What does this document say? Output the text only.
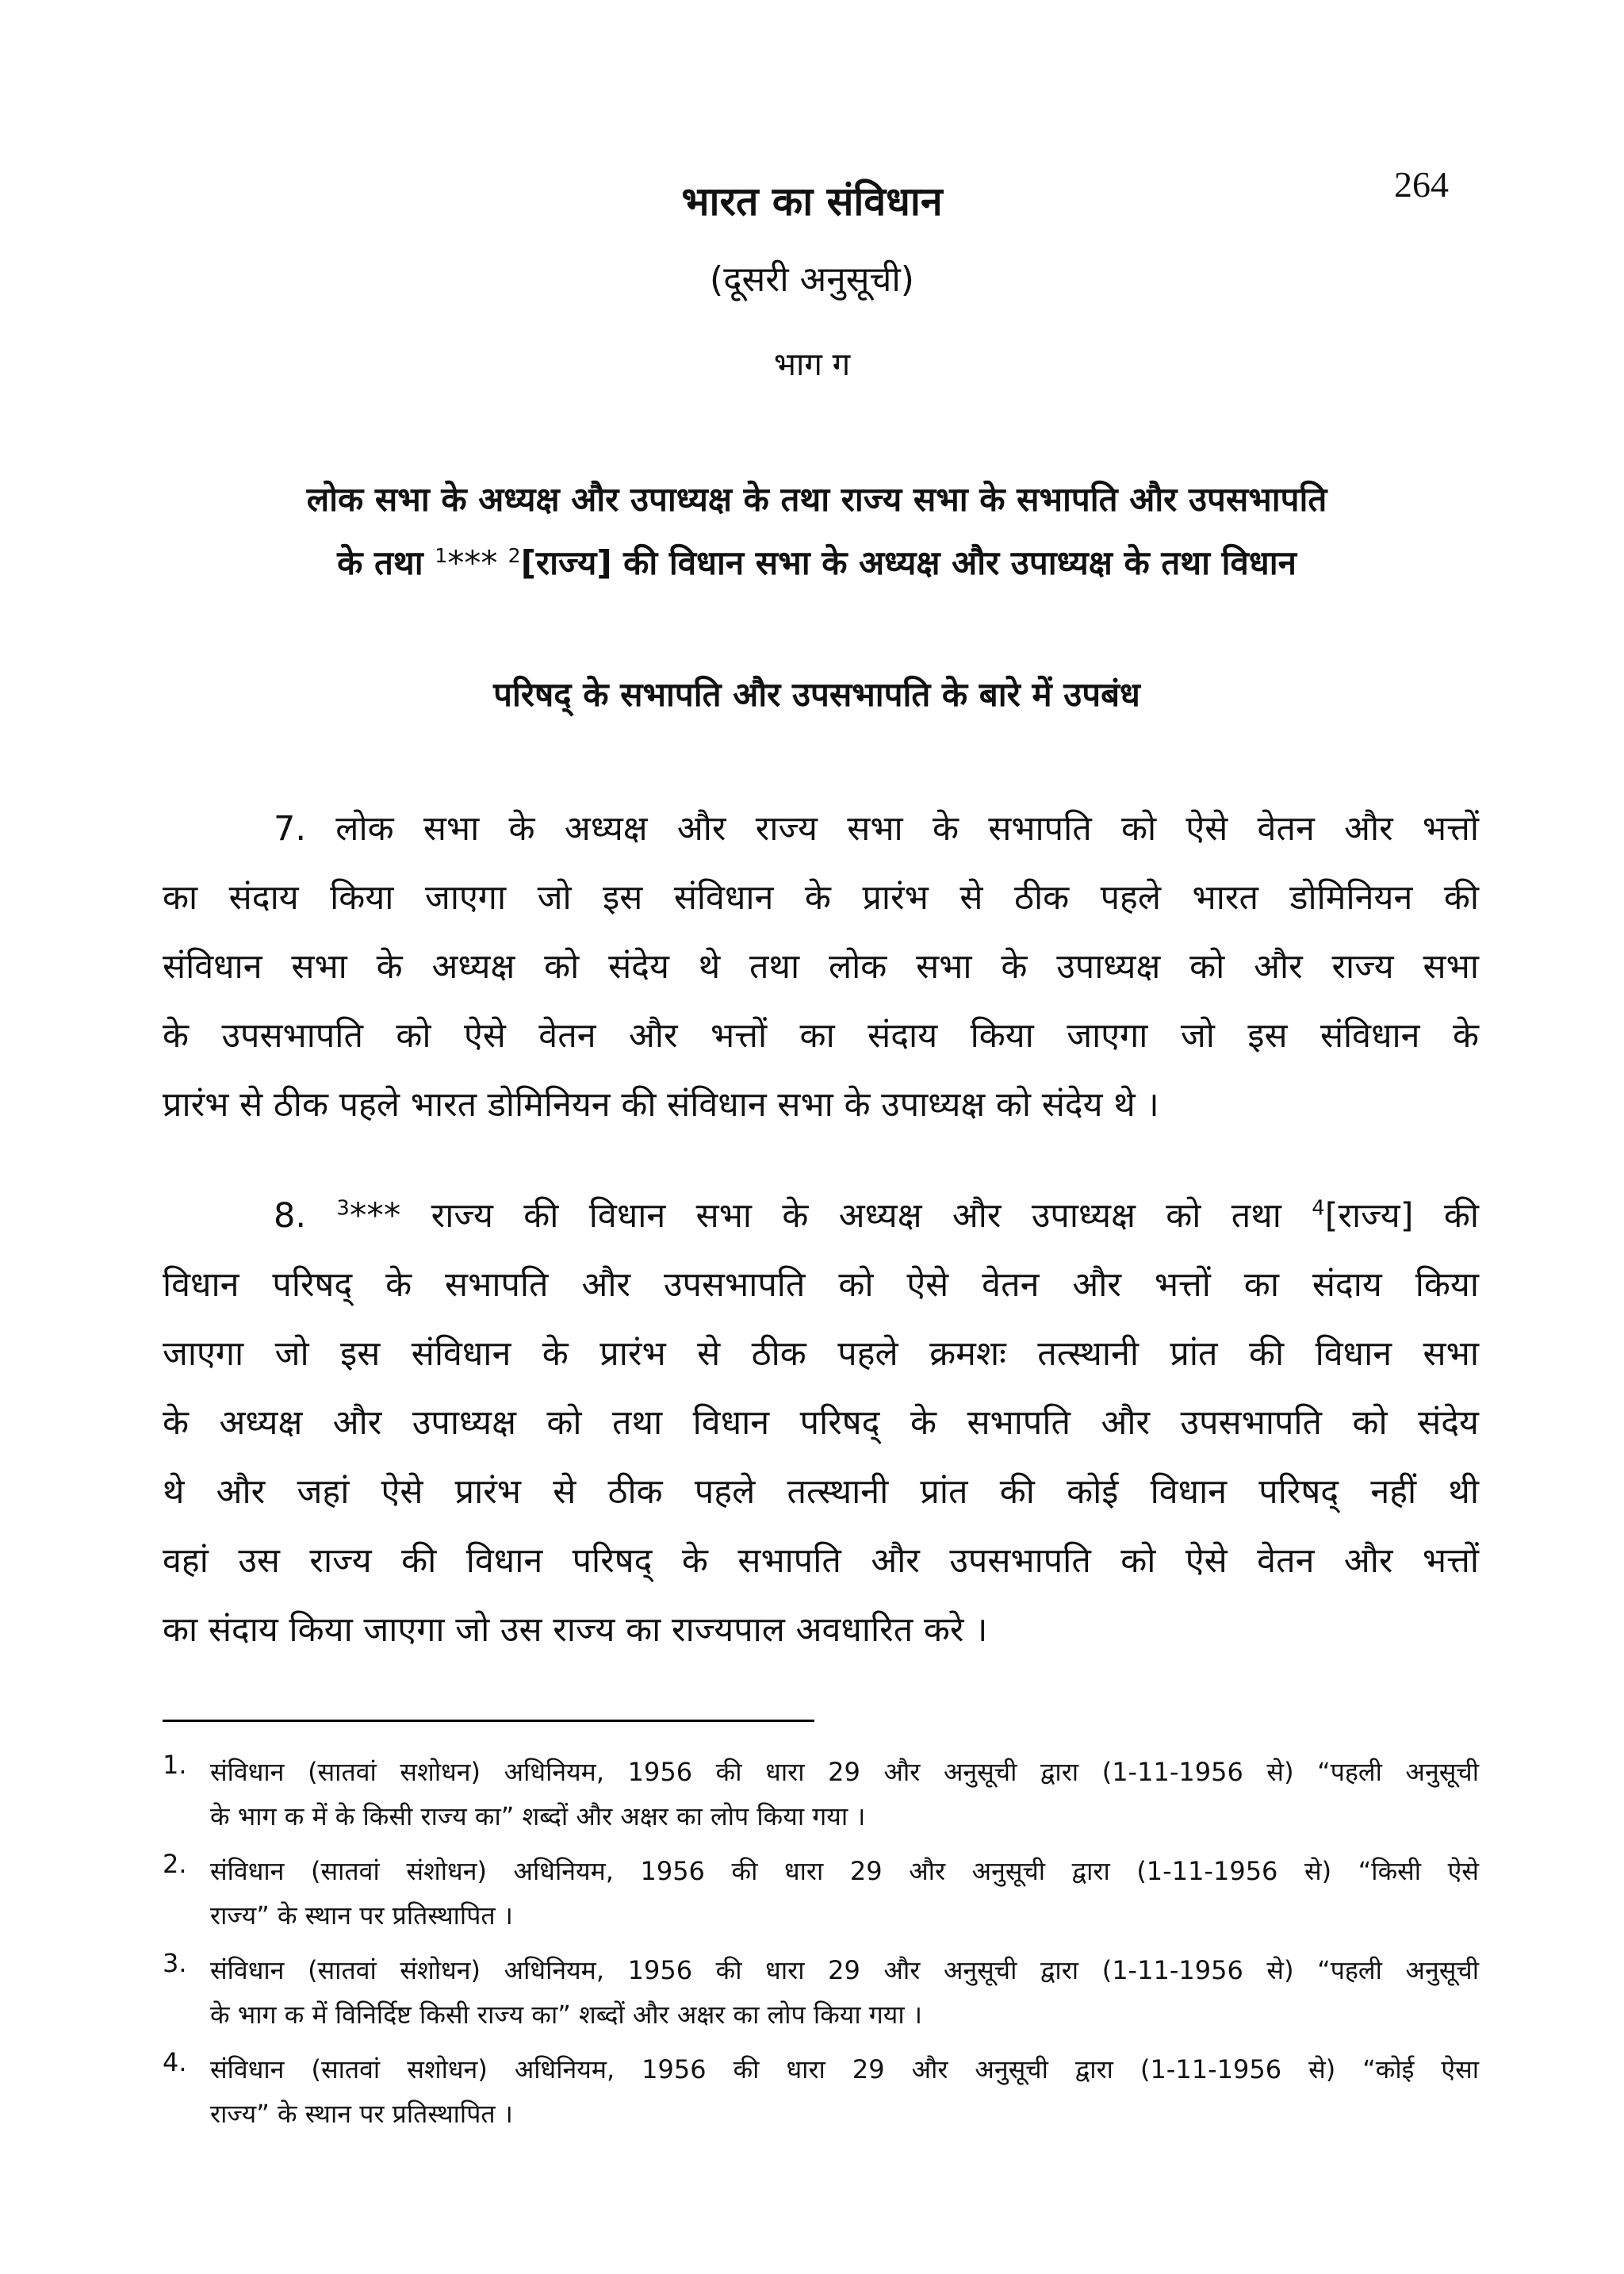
264
भारत का संविधान
(दूसरी अनुसूची)
भाग ग
लोक सभा के अध्यक्ष और उपाध्यक्ष के तथा राज्य सभा के सभापति और उपसभापति
के तथा $^1$*** $^2$[राज्य] की विधान सभा के अध्यक्ष और उपाध्यक्ष के तथा विधान
परिषद् के सभापति और उपसभापति के बारे में उपबंध
7. लोक सभा के अध्यक्ष और राज्य सभा के सभापति को ऐसे वेतन और भत्तों
का संदाय किया जाएगा जो इस संविधान के प्रारंभ से ठीक पहले भारत डोमिनियन की
संविधान सभा के अध्यक्ष को संदेय थे तथा लोक सभा के उपाध्यक्ष को और राज्य सभा
के उपसभापति को ऐसे वेतन और भत्तों का संदाय किया जाएगा जो इस संविधान के
प्रारंभ से ठीक पहले भारत डोमिनियन की संविधान सभा के उपाध्यक्ष को संदेय थे ।
8. $^3$*** राज्य की विधान सभा के अध्यक्ष और उपाध्यक्ष को तथा $^4$[राज्य] की
विधान परिषद् के सभापति और उपसभापति को ऐसे वेतन और भत्तों का संदाय किया
जाएगा जो इस संविधान के प्रारंभ से ठीक पहले क्रमशः तत्स्थानी प्रांत की विधान सभा
के अध्यक्ष और उपाध्यक्ष को तथा विधान परिषद् के सभापति और उपसभापति को संदेय
थे और जहां ऐसे प्रारंभ से ठीक पहले तत्स्थानी प्रांत की कोई विधान परिषद् नहीं थी
वहां उस राज्य की विधान परिषद् के सभापति और उपसभापति को ऐसे वेतन और भत्तों
का संदाय किया जाएगा जो उस राज्य का राज्यपाल अवधारित करे ।
1. संविधान (सातवां सशोधन) अधिनियम, 1956 की धारा 29 और अनुसूची द्वारा (1-11-1956 से) “पहली अनुसूची
के भाग क में के किसी राज्य का” शब्दों और अक्षर का लोप किया गया ।
2. संविधान (सातवां संशोधन) अधिनियम, 1956 की धारा 29 और अनुसूची द्वारा (1-11-1956 से) “किसी ऐसे
राज्य” के स्थान पर प्रतिस्थापित ।
3. संविधान (सातवां संशोधन) अधिनियम, 1956 की धारा 29 और अनुसूची द्वारा (1-11-1956 से) “पहली अनुसूची
के भाग क में विनिर्दिष्ट किसी राज्य का” शब्दों और अक्षर का लोप किया गया ।
4. संविधान (सातवां सशोधन) अधिनियम, 1956 की धारा 29 और अनुसूची द्वारा (1-11-1956 से) “कोई ऐसा
राज्य” के स्थान पर प्रतिस्थापित ।
